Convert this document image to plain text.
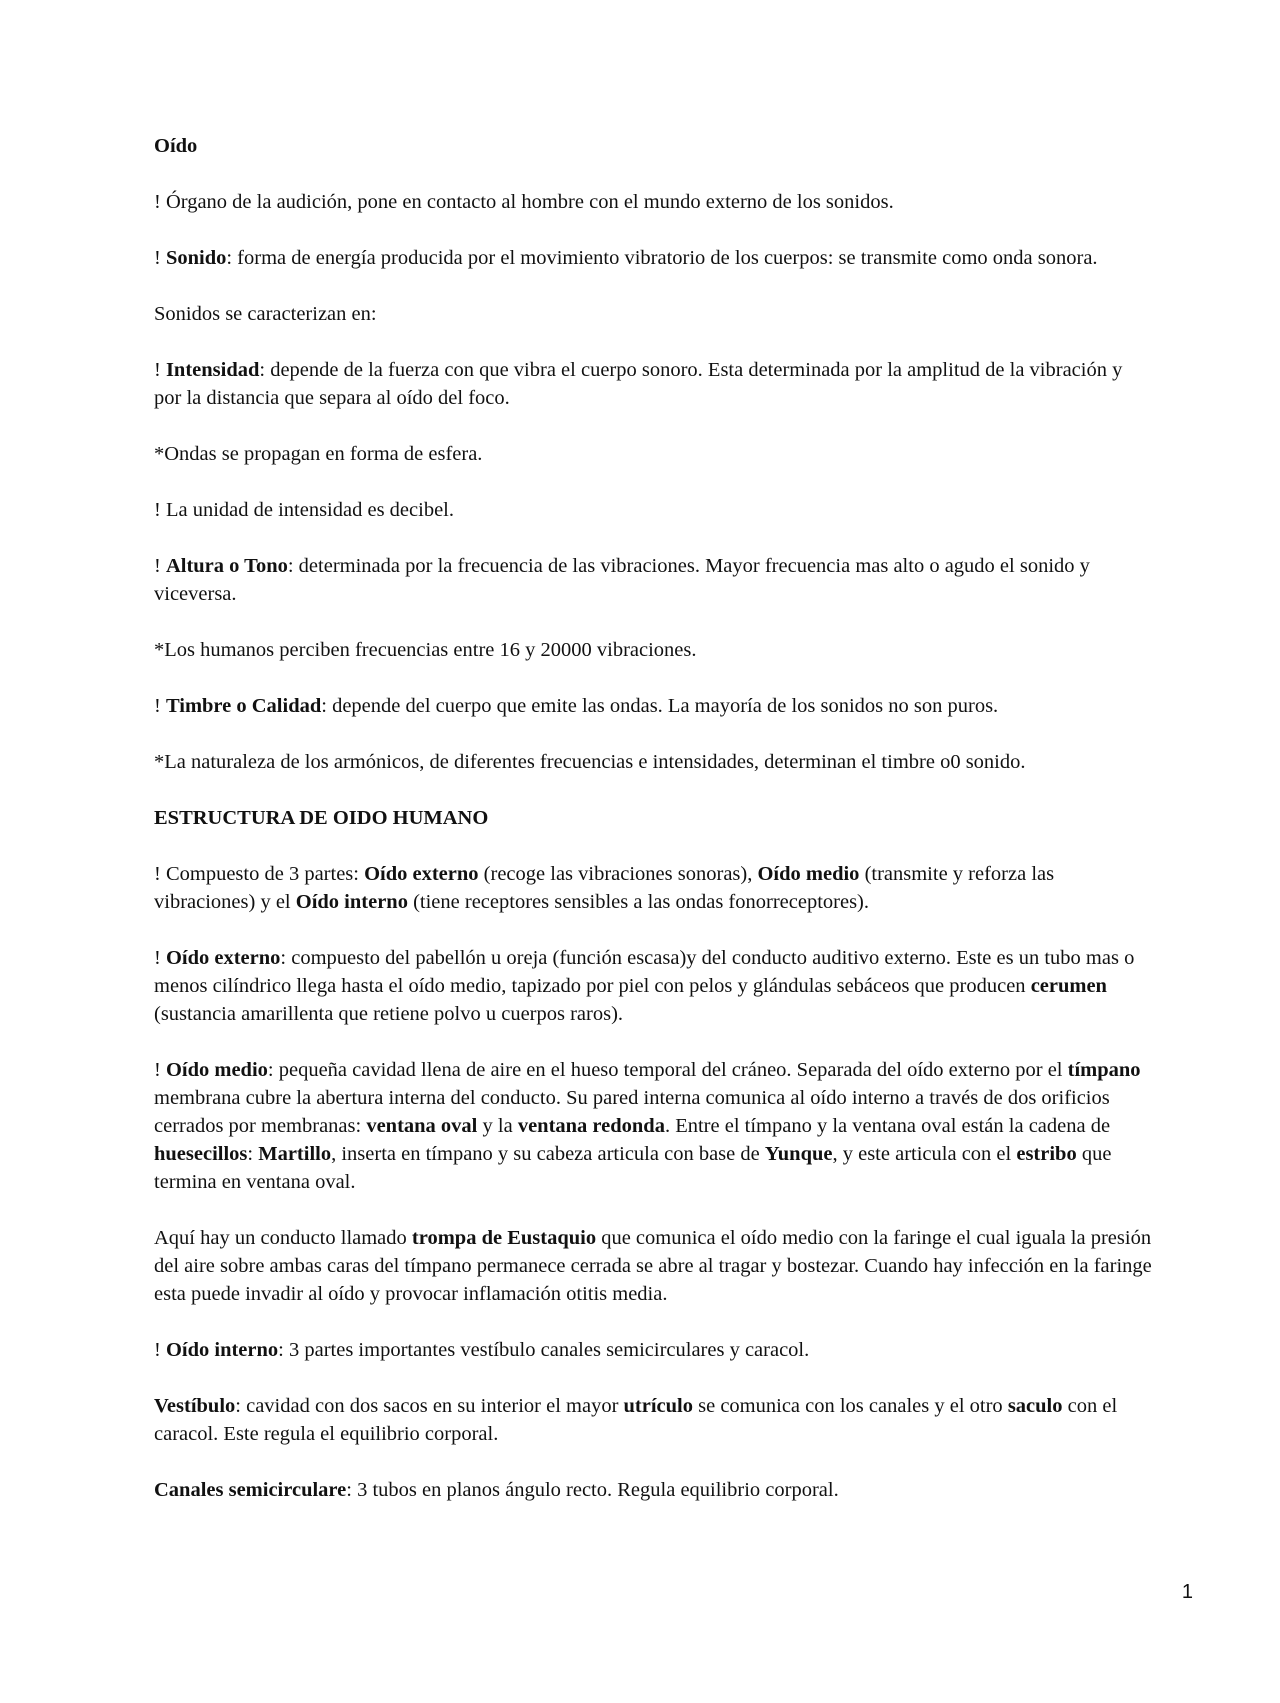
Oído

! Órgano de la audición, pone en contacto al hombre con el mundo externo de los sonidos.

! Sonido: forma de energía producida por el movimiento vibratorio de los cuerpos: se transmite como onda sonora.

Sonidos se caracterizan en:

! Intensidad: depende de la fuerza con que vibra el cuerpo sonoro. Esta determinada por la amplitud de la vibración y por la distancia que separa al oído del foco.

*Ondas se propagan en forma de esfera.

! La unidad de intensidad es decibel.

! Altura o Tono: determinada por la frecuencia de las vibraciones. Mayor frecuencia mas alto o agudo el sonido y viceversa.

*Los humanos perciben frecuencias entre 16 y 20000 vibraciones.

! Timbre o Calidad: depende del cuerpo que emite las ondas. La mayoría de los sonidos no son puros.

*La naturaleza de los armónicos, de diferentes frecuencias e intensidades, determinan el timbre o0 sonido.

ESTRUCTURA DE OIDO HUMANO

! Compuesto de 3 partes: Oído externo (recoge las vibraciones sonoras), Oído medio (transmite y reforza las vibraciones) y el Oído interno (tiene receptores sensibles a las ondas fonorreceptores).

! Oído externo: compuesto del pabellón u oreja (función escasa)y del conducto auditivo externo. Este es un tubo mas o menos cilíndrico llega hasta el oído medio, tapizado por piel con pelos y glándulas sebáceos que producen cerumen (sustancia amarillenta que retiene polvo u cuerpos raros).

! Oído medio: pequeña cavidad llena de aire en el hueso temporal del cráneo. Separada del oído externo por el tímpano membrana cubre la abertura interna del conducto. Su pared interna comunica al oído interno a través de dos orificios cerrados por membranas: ventana oval y la ventana redonda. Entre el tímpano y la ventana oval están la cadena de huesecillos: Martillo, inserta en tímpano y su cabeza articula con base de Yunque, y este articula con el estribo que termina en ventana oval.

Aquí hay un conducto llamado trompa de Eustaquio que comunica el oído medio con la faringe el cual iguala la presión del aire sobre ambas caras del tímpano permanece cerrada se abre al tragar y bostezar. Cuando hay infección en la faringe esta puede invadir al oído y provocar inflamación otitis media.

! Oído interno: 3 partes importantes vestíbulo canales semicirculares y caracol.

Vestíbulo: cavidad con dos sacos en su interior el mayor utrículo se comunica con los canales y el otro saculo con el caracol. Este regula el equilibrio corporal.

Canales semicirculare: 3 tubos en planos ángulo recto. Regula equilibrio corporal.

1
